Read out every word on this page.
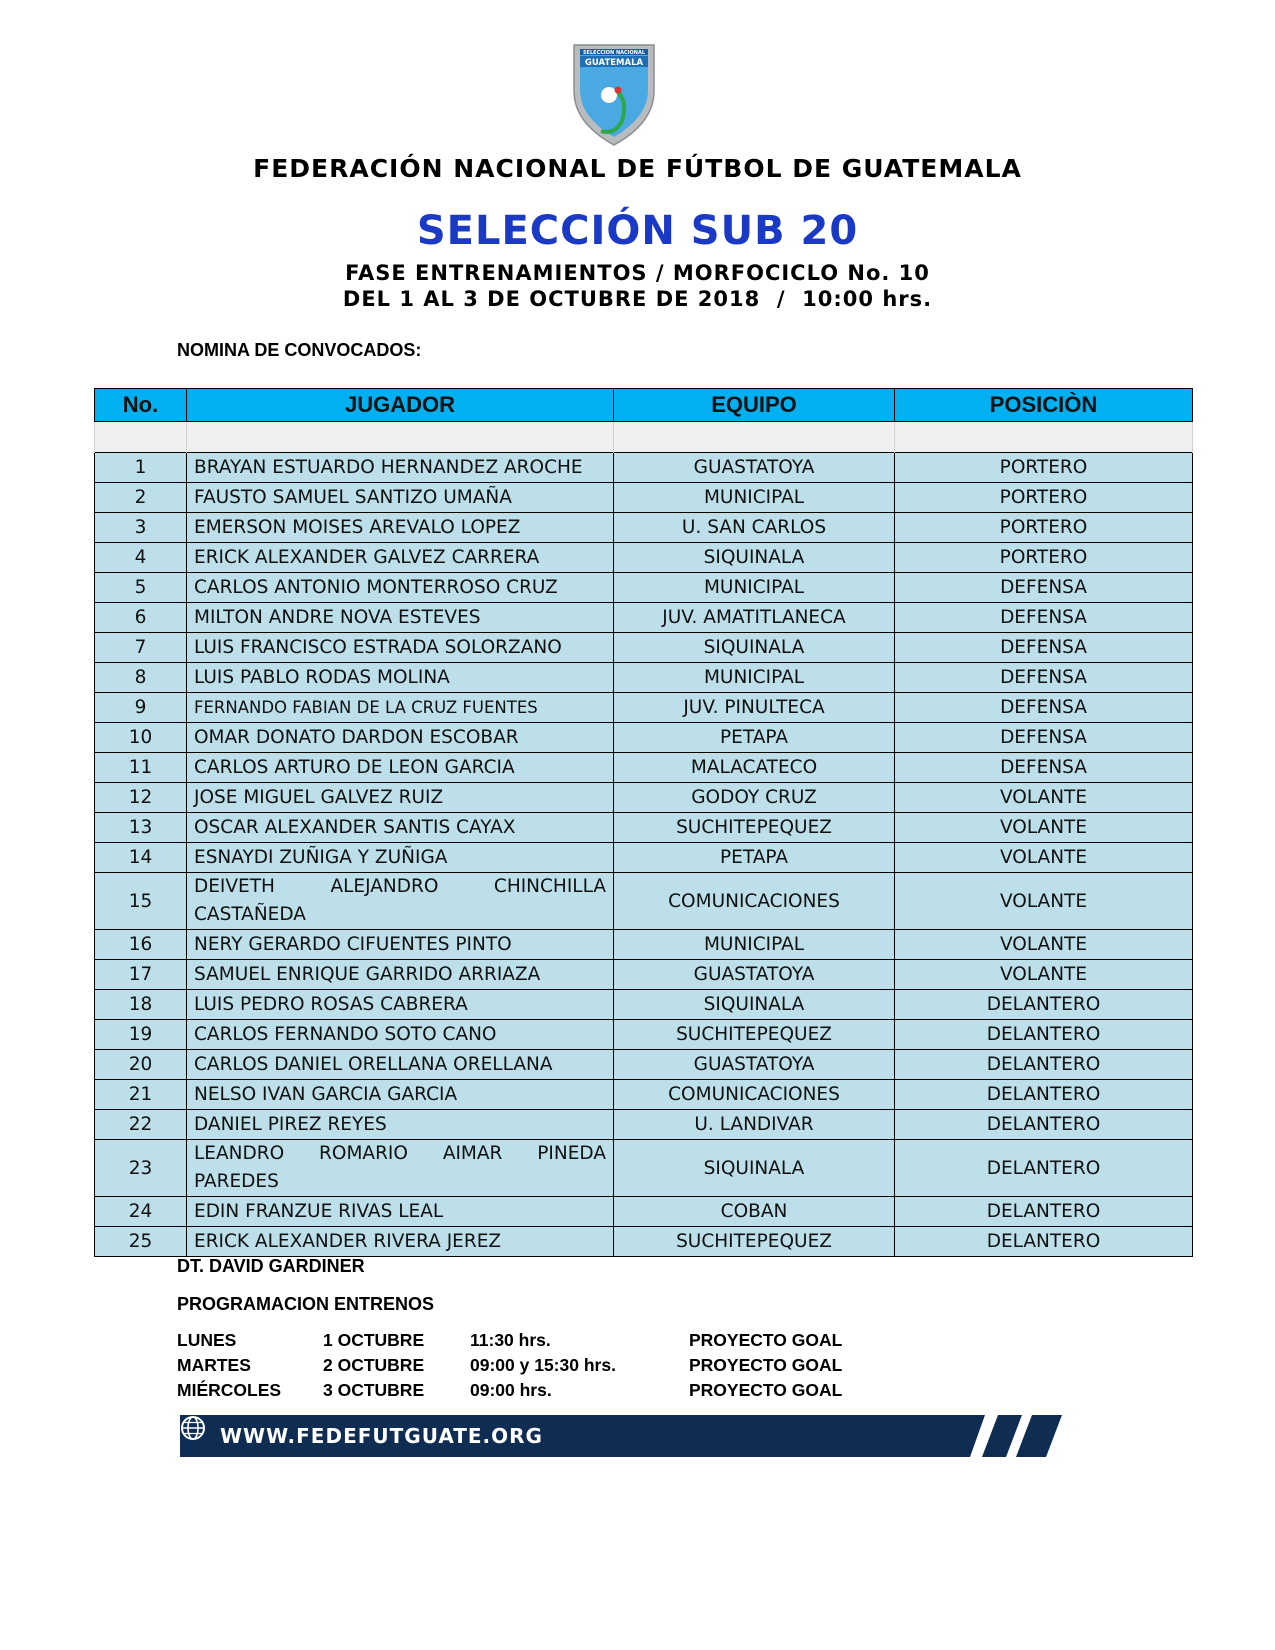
SELECCION NACIONAL
GUATEMALA
FEDERACIÓN NACIONAL DE FÚTBOL DE GUATEMALA
SELECCIÓN SUB 20
FASE ENTRENAMIENTOS / MORFOCICLO No. 10
DEL 1 AL 3 DE OCTUBRE DE 2018  /  10:00 hrs.
NOMINA DE CONVOCADOS:
No.	JUGADOR	EQUIPO	POSICIÒN

1	BRAYAN ESTUARDO HERNANDEZ AROCHE	GUASTATOYA	PORTERO
2	FAUSTO SAMUEL SANTIZO UMAÑA	MUNICIPAL	PORTERO
3	EMERSON MOISES AREVALO LOPEZ	U. SAN CARLOS	PORTERO
4	ERICK ALEXANDER GALVEZ CARRERA	SIQUINALA	PORTERO
5	CARLOS ANTONIO MONTERROSO CRUZ	MUNICIPAL	DEFENSA
6	MILTON ANDRE NOVA ESTEVES	JUV. AMATITLANECA	DEFENSA
7	LUIS FRANCISCO ESTRADA SOLORZANO	SIQUINALA	DEFENSA
8	LUIS PABLO RODAS MOLINA	MUNICIPAL	DEFENSA
9	FERNANDO FABIAN DE LA CRUZ FUENTES	JUV. PINULTECA	DEFENSA
10	OMAR DONATO DARDON ESCOBAR	PETAPA	DEFENSA
11	CARLOS ARTURO DE LEON GARCIA	MALACATECO	DEFENSA
12	JOSE MIGUEL GALVEZ RUIZ	GODOY CRUZ	VOLANTE
13	OSCAR ALEXANDER SANTIS CAYAX	SUCHITEPEQUEZ	VOLANTE
14	ESNAYDI ZUÑIGA Y ZUÑIGA	PETAPA	VOLANTE
15	DEIVETH ALEJANDRO CHINCHILLA CASTAÑEDA	COMUNICACIONES	VOLANTE
16	NERY GERARDO CIFUENTES PINTO	MUNICIPAL	VOLANTE
17	SAMUEL ENRIQUE GARRIDO ARRIAZA	GUASTATOYA	VOLANTE
18	LUIS PEDRO ROSAS CABRERA	SIQUINALA	DELANTERO
19	CARLOS FERNANDO SOTO CANO	SUCHITEPEQUEZ	DELANTERO
20	CARLOS DANIEL ORELLANA ORELLANA	GUASTATOYA	DELANTERO
21	NELSO IVAN GARCIA GARCIA	COMUNICACIONES	DELANTERO
22	DANIEL PIREZ REYES	U. LANDIVAR	DELANTERO
23	LEANDRO ROMARIO AIMAR PINEDA PAREDES	SIQUINALA	DELANTERO
24	EDIN FRANZUE RIVAS LEAL	COBAN	DELANTERO
25	ERICK ALEXANDER RIVERA JEREZ	SUCHITEPEQUEZ	DELANTERO
DT. DAVID GARDINER
PROGRAMACION ENTRENOS
LUNES	1 OCTUBRE	11:30 hrs.	PROYECTO GOAL
MARTES	2 OCTUBRE	09:00 y 15:30 hrs.	PROYECTO GOAL
MIÉRCOLES 3 OCTUBRE	09:00 hrs.	PROYECTO GOAL
WWW.FEDEFUTGUATE.ORG
